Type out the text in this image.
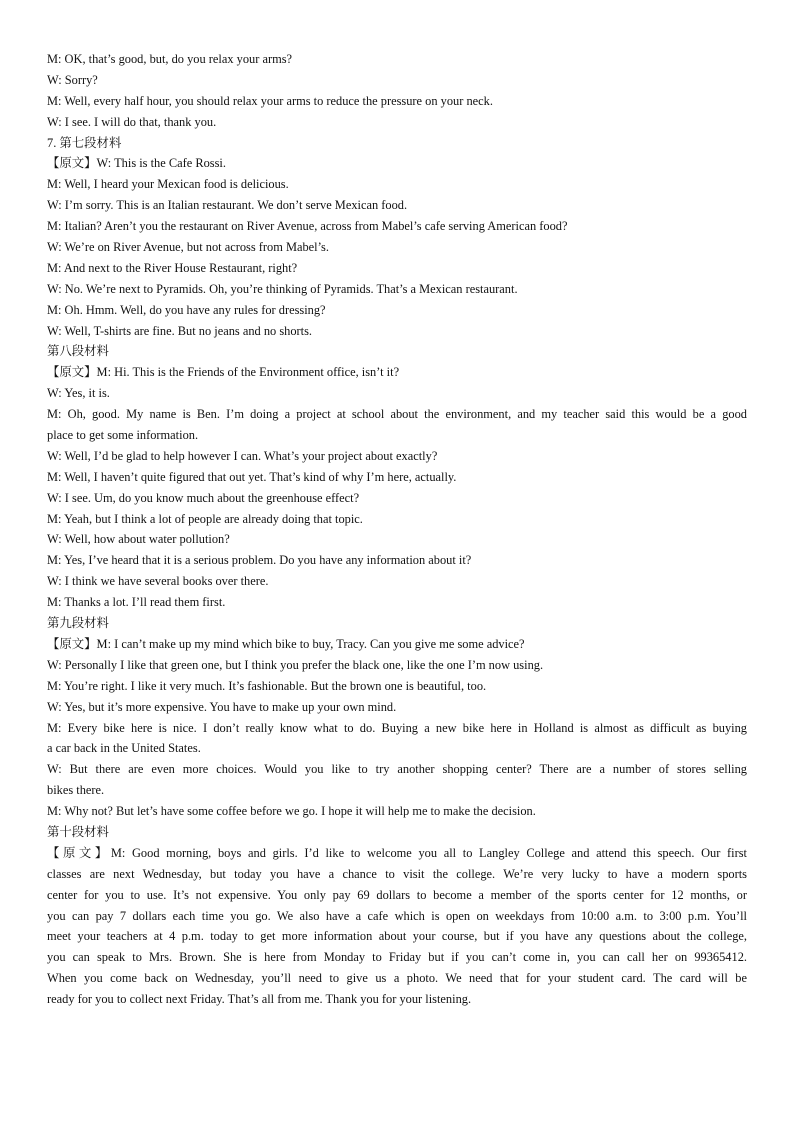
M: OK, that’s good, but, do you relax your arms?
W: Sorry?
M: Well, every half hour, you should relax your arms to reduce the pressure on your neck.
W: I see. I will do that, thank you.
7. 第七段材料
【原文】W: This is the Cafe Rossi.
M: Well, I heard your Mexican food is delicious.
W: I’m sorry. This is an Italian restaurant. We don’t serve Mexican food.
M: Italian? Aren’t you the restaurant on River Avenue, across from Mabel’s cafe serving American food?
W: We’re on River Avenue, but not across from Mabel’s.
M: And next to the River House Restaurant, right?
W: No. We’re next to Pyramids. Oh, you’re thinking of Pyramids. That’s a Mexican restaurant.
M: Oh. Hmm. Well, do you have any rules for dressing?
W: Well, T-shirts are fine. But no jeans and no shorts.
第八段材料
【原文】M: Hi. This is the Friends of the Environment office, isn’t it?
W: Yes, it is.
M: Oh, good. My name is Ben. I’m doing a project at school about the environment, and my teacher said this would be a good
place to get some information.
W: Well, I’d be glad to help however I can. What’s your project about exactly?
M: Well, I haven’t quite figured that out yet. That’s kind of why I’m here, actually.
W: I see. Um, do you know much about the greenhouse effect?
M: Yeah, but I think a lot of people are already doing that topic.
W: Well, how about water pollution?
M: Yes, I’ve heard that it is a serious problem. Do you have any information about it?
W: I think we have several books over there.
M: Thanks a lot. I’ll read them first.
第九段材料
【原文】M: I can’t make up my mind which bike to buy, Tracy. Can you give me some advice?
W: Personally I like that green one, but I think you prefer the black one, like the one I’m now using.
M: You’re right. I like it very much. It’s fashionable. But the brown one is beautiful, too.
W: Yes, but it’s more expensive. You have to make up your own mind.
M: Every bike here is nice. I don’t really know what to do. Buying a new bike here in Holland is almost as difficult as buying
a car back in the United States.
W: But there are even more choices. Would you like to try another shopping center? There are a number of stores selling
bikes there.
M: Why not? But let’s have some coffee before we go. I hope it will help me to make the decision.
第十段材料
【原文】M: Good morning, boys and girls. I’d like to welcome you all to Langley College and attend this speech. Our first
classes are next Wednesday, but today you have a chance to visit the college. We’re very lucky to have a modern sports
center for you to use. It’s not expensive. You only pay 69 dollars to become a member of the sports center for 12 months, or
you can pay 7 dollars each time you go. We also have a cafe which is open on weekdays from 10:00 a.m. to 3:00 p.m. You’ll
meet your teachers at 4 p.m. today to get more information about your course, but if you have any questions about the college,
you can speak to Mrs. Brown. She is here from Monday to Friday but if you can’t come in, you can call her on 99365412.
When you come back on Wednesday, you’ll need to give us a photo. We need that for your student card. The card will be
ready for you to collect next Friday. That’s all from me. Thank you for your listening.
